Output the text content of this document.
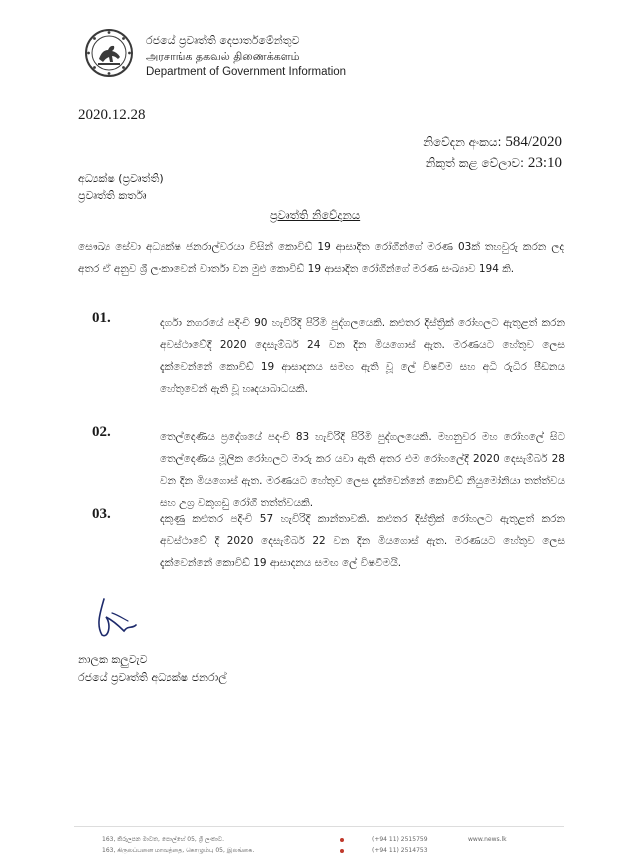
රජයේ ප්‍රවෘත්ති දෙපාර්තමේන්තුව
அரசாங்க தகவல் திணைக்களம்
Department of Government Information
2020.12.28
නිවේදන අංකය: 584/2020
නිකුත් කළ වේලාව: 23:10
අධ්‍යක්ෂ (ප්‍රවෘත්ති)
ප්‍රවෘත්ති කර්තෘ
ප්‍රවෘත්ති නිවේදනය
සෞඛ්‍ය සේවා අධ්‍යක්ෂ ජනරාල්වරයා විසින් කොවිඩ් 19 ආසාදිත රෝගීන්ගේ මරණ 03ක් තහවුරු කරන ලද අතර ඒ අනුව ශ්‍රී ලංකාවෙන් වාර්තා වන මුළු කොවිඩ් 19 ආසාදිත රෝගීන්ගේ මරණ සංඛ්‍යාව 194 කි.
01.	දර්ගා නගරයේ පදිංචි 90 හැවිරිදි පිරිමි පුද්ගලයෙකි. කළුතර දිස්ත්‍රික් රෝහලට ඇතුළත් කරන අවස්ථාවේදී 2020 දෙසැම්බර් 24 වන දින මියගොස් ඇත. මරණයට හේතුව ලෙස දැක්වෙන්නේ කොවිඩ් 19 ආසාදනය සමඟ ඇති වූ ලේ විෂවීම සහ අධි රුධිර පීඩනය හේතුවෙන් ඇති වූ හෘදයාබාධයකි.
02.	තෙල්දෙණිය ප්‍රදේශයේ පදංචි 83 හැවිරිදි පිරිමි පුද්ගලයෙකි. මහනුවර මහ රෝහලේ සිට තෙල්දෙණිය මූලික රෝහලට මාරු කර යවා ඇති අතර එම රෝහලේදී 2020 දෙසැම්බර් 28 වන දින මියගොස් ඇත. මරණයට හේතුව ලෙස දැක්වෙන්නේ කොවිඩ් නියුමෝනියා තත්ත්වය සහ උග්‍ර වකුගඩු රෝගී තත්ත්වයකි.
03.	දකුණු කළුතර පදිංචි 57 හැවිරිදි කාන්තාවකි. කළුතර දිස්ත්‍රික් රෝහලට ඇතුළත් කරන අවස්ථාවේ දී 2020 දෙසැම්බර් 22 වන දින මියගොස් ඇත. මරණයට හේතුව ලෙස දැක්වෙන්නේ කොවිඩ් 19 ආසාදනය සමඟ ලේ විෂවීමයි.
නාලක කලුවැව
රජයේ ප්‍රවෘත්ති අධ්‍යක්ෂ ජනරාල්
163, කිරුලපන මාවත, පොල්හේ 05, ශ්‍රී ලංකාව.
163, கிருலப்பனை மாவத்தை, கொழும்பு 05, இலங்கை.
(+94 11) 2515759
(+94 11) 2514753
www.news.lk
